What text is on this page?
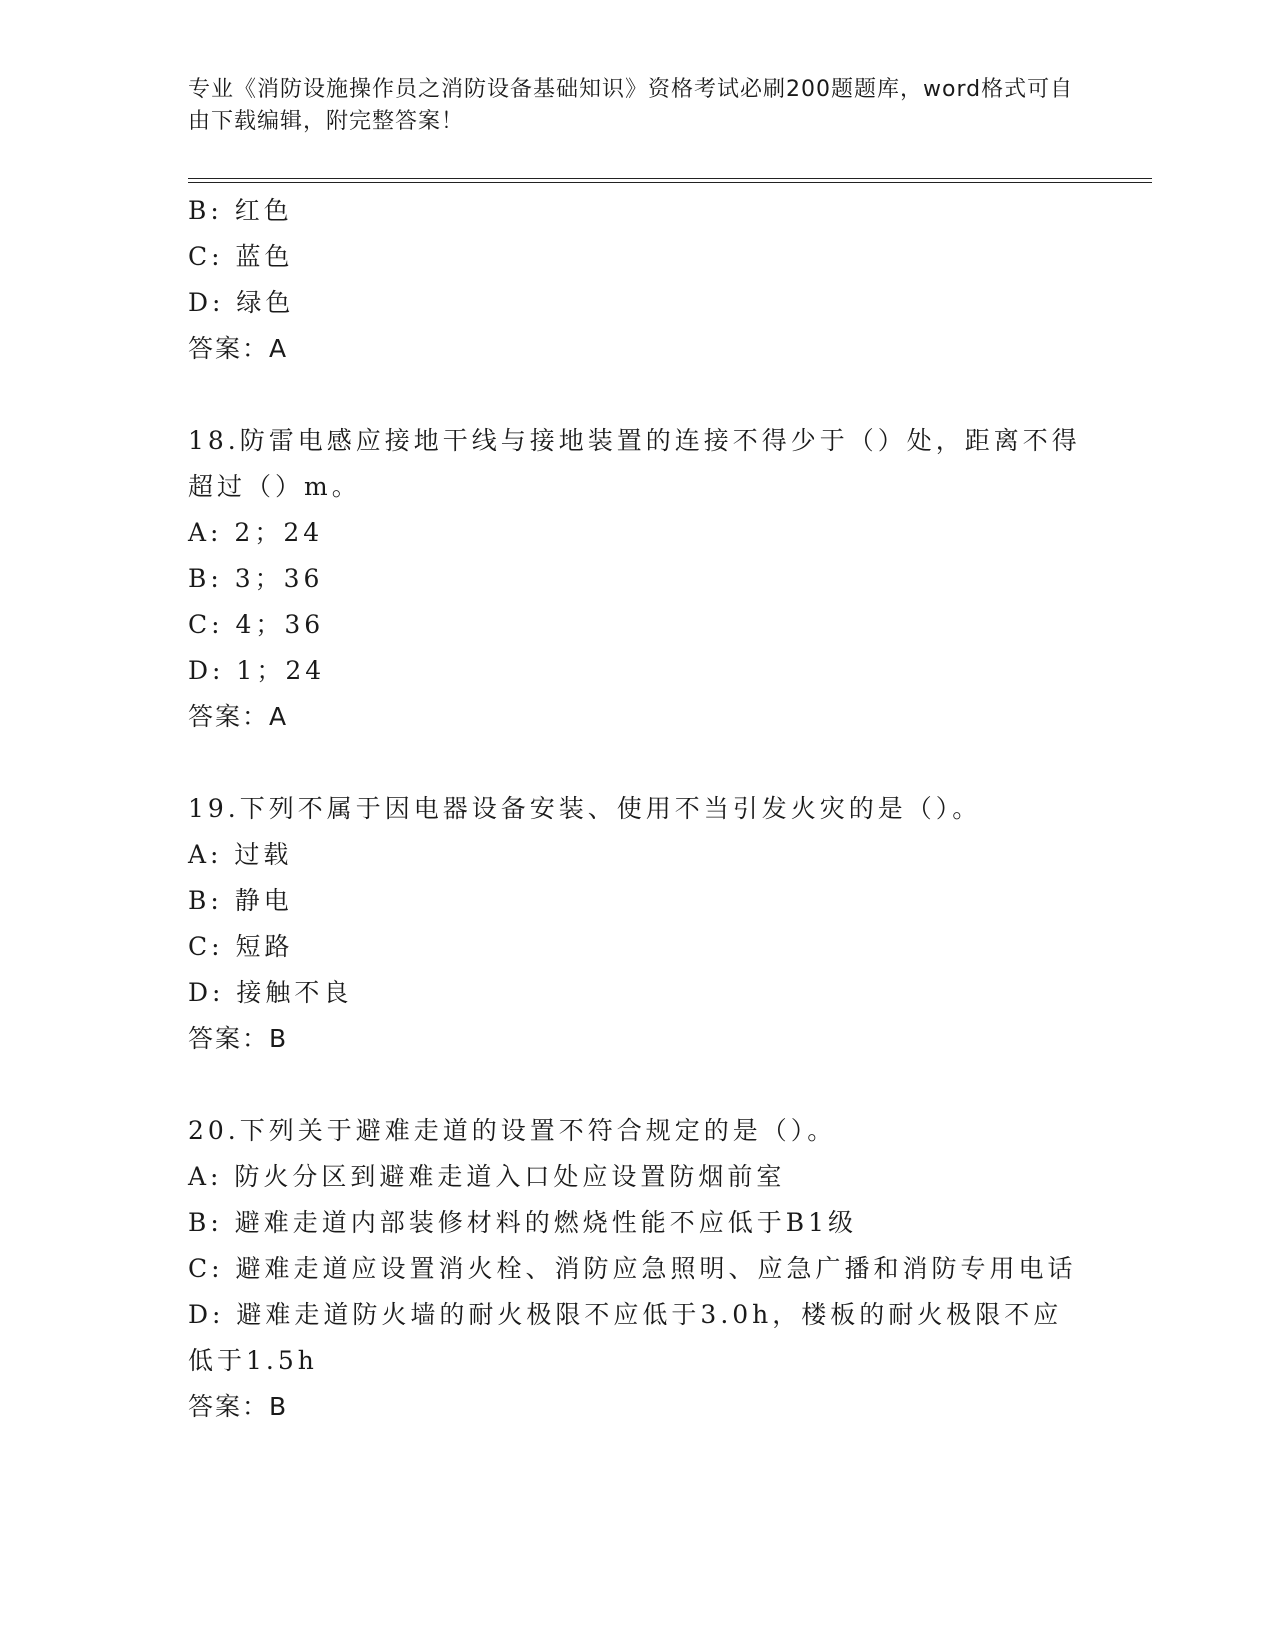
专业《消防设施操作员之消防设备基础知识》资格考试必刷200题题库，word格式可自由下载编辑，附完整答案！
B: 红色
C: 蓝色
D: 绿色
答案：A
18.防雷电感应接地干线与接地装置的连接不得少于（）处，距离不得超过（）m。
A: 2；24
B: 3；36
C: 4；36
D: 1；24
答案：A
19.下列不属于因电器设备安装、使用不当引发火灾的是（）。
A: 过载
B: 静电
C: 短路
D: 接触不良
答案：B
20.下列关于避难走道的设置不符合规定的是（）。
A: 防火分区到避难走道入口处应设置防烟前室
B: 避难走道内部装修材料的燃烧性能不应低于B1级
C: 避难走道应设置消火栓、消防应急照明、应急广播和消防专用电话
D: 避难走道防火墙的耐火极限不应低于3.0h，楼板的耐火极限不应低于1.5h
答案：B
